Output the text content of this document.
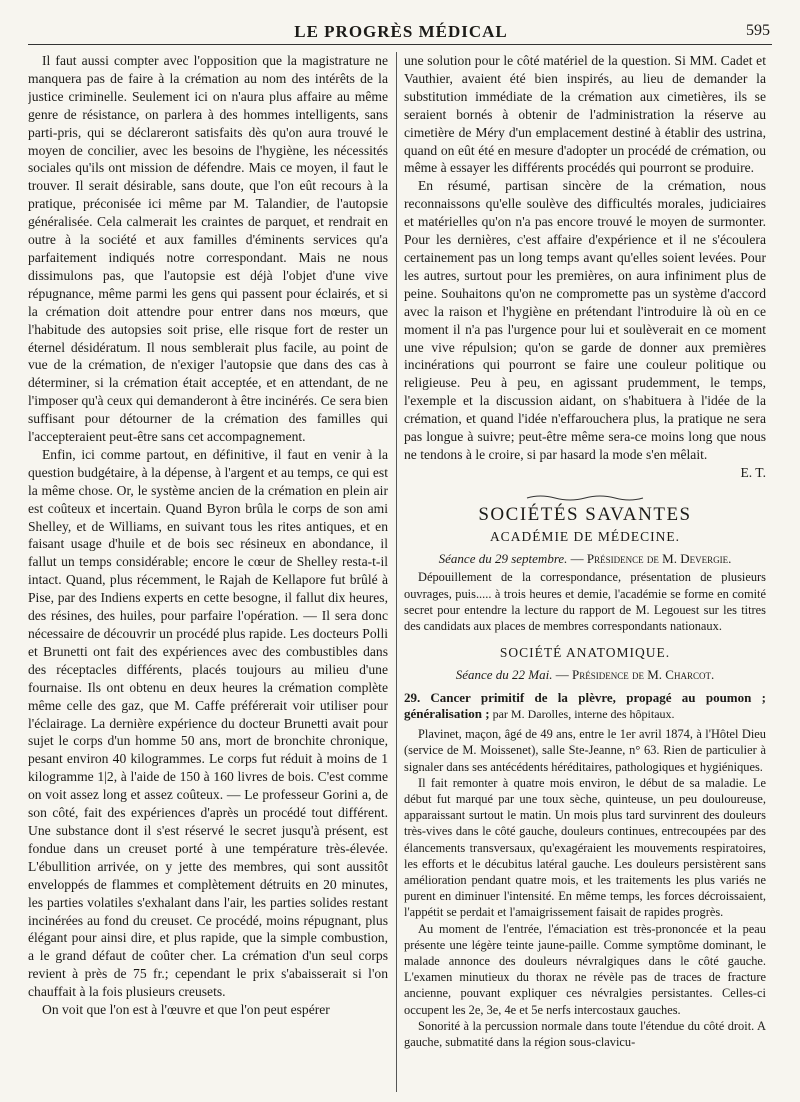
LE PROGRÈS MÉDICAL	595

Il faut aussi compter avec l'opposition que la magistrature ne manquera pas de faire à la crémation au nom des intérêts de la justice criminelle. Seulement ici on n'aura plus affaire au même genre de résistance, on parlera à des hommes intelligents, sans parti-pris, qui se déclareront satisfaits dès qu'on aura trouvé le moyen de concilier, avec les besoins de l'hygiène, les nécessités sociales qu'ils ont mission de défendre. Mais ce moyen, il faut le trouver. Il serait désirable, sans doute, que l'on eût recours à la pratique, préconisée ici même par M. Talandier, de l'autopsie généralisée. Cela calmerait les craintes de parquet, et rendrait en outre à la société et aux familles d'éminents services qu'a parfaitement indiqués notre correspondant. Mais ne nous dissimulons pas, que l'autopsie est déjà l'objet d'une vive répugnance, même parmi les gens qui passent pour éclairés, et si la crémation doit attendre pour entrer dans nos mœurs, que l'habitude des autopsies soit prise, elle risque fort de rester un éternel désidératum. Il nous semblerait plus facile, au point de vue de la crémation, de n'exiger l'autopsie que dans des cas à déterminer, si la crémation était acceptée, et en attendant, de ne l'imposer qu'à ceux qui demanderont à être incinérés. Ce sera bien suffisant pour détourner de la crémation des familles qui l'accepteraient peut-être sans cet accompagnement.

Enfin, ici comme partout, en définitive, il faut en venir à la question budgétaire, à la dépense, à l'argent et au temps, ce qui est la même chose. Or, le système ancien de la crémation en plein air est coûteux et incertain. Quand Byron brûla le corps de son ami Shelley, et de Williams, en suivant tous les rites antiques, et en faisant usage d'huile et de bois sec résineux en abondance, il fallut un temps considérable; encore le cœur de Shelley resta-t-il intact. Quand, plus récemment, le Rajah de Kellapore fut brûlé à Pise, par des Indiens experts en cette besogne, il fallut dix heures, des résines, des huiles, pour parfaire l'opération. — Il sera donc nécessaire de découvrir un procédé plus rapide. Les docteurs Polli et Brunetti ont fait des expériences avec des combustibles dans des réceptacles différents, placés toujours au milieu d'une fournaise. Ils ont obtenu en deux heures la crémation complète même celle des gaz, que M. Caffe préférerait voir utiliser pour l'éclairage. La dernière expérience du docteur Brunetti avait pour sujet le corps d'un homme 50 ans, mort de bronchite chronique, pesant environ 40 kilogrammes. Le corps fut réduit à moins de 1 kilogramme 1|2, à l'aide de 150 à 160 livres de bois. C'est comme on voit assez long et assez coûteux. — Le professeur Gorini a, de son côté, fait des expériences d'après un procédé tout différent. Une substance dont il s'est réservé le secret jusqu'à présent, est fondue dans un creuset porté à une température très-élevée. L'ébullition arrivée, on y jette des membres, qui sont aussitôt enveloppés de flammes et complètement détruits en 20 minutes, les parties volatiles s'exhalant dans l'air, les parties solides restant incinérées au fond du creuset. Ce procédé, moins répugnant, plus élégant pour ainsi dire, et plus rapide, que la simple combustion, a le grand défaut de coûter cher. La crémation d'un seul corps revient à près de 75 fr.; cependant le prix s'abaisserait si l'on chauffait à la fois plusieurs creusets.

On voit que l'on est à l'œuvre et que l'on peut espérer

une solution pour le côté matériel de la question. Si MM. Cadet et Vauthier, avaient été bien inspirés, au lieu de demander la substitution immédiate de la crémation aux cimetières, ils se seraient bornés à obtenir de l'administration la réserve au cimetière de Méry d'un emplacement destiné à établir des ustrina, quand on eût été en mesure d'adopter un procédé de crémation, ou même à essayer les différents procédés qui pourront se produire.

En résumé, partisan sincère de la crémation, nous reconnaissons qu'elle soulève des difficultés morales, judiciaires et matérielles qu'on n'a pas encore trouvé le moyen de surmonter. Pour les dernières, c'est affaire d'expérience et il ne s'écoulera certainement pas un long temps avant qu'elles soient levées. Pour les autres, surtout pour les premières, on aura infiniment plus de peine. Souhaitons qu'on ne compromette pas un système d'accord avec la raison et l'hygiène en prétendant l'introduire là où en ce moment il n'a pas l'urgence pour lui et soulèverait en ce moment une vive répulsion; qu'on se garde de donner aux premières incinérations qui pourront se faire une couleur politique ou religieuse. Peu à peu, en agissant prudemment, le temps, l'exemple et la discussion aidant, on s'habituera à l'idée de la crémation, et quand l'idée n'effarouchera plus, la pratique ne sera pas longue à suivre; peut-être même sera-ce moins long que nous ne tendons à le croire, si par hasard la mode s'en mêlait.

E. T.
SOCIÉTÉS SAVANTES
ACADÉMIE DE MÉDECINE.

Séance du 29 septembre. — Présidence de M. Devergie.

Dépouillement de la correspondance, présentation de plusieurs ouvrages, puis..... à trois heures et demie, l'académie se forme en comité secret pour entendre la lecture du rapport de M. Legouest sur les titres des candidats aux places de membres correspondants nationaux.

SOCIÉTÉ ANATOMIQUE.

Séance du 22 Mai. — Présidence de M. Charcot.

29. Cancer primitif de la plèvre, propagé au poumon ; généralisation ; par M. Darolles, interne des hôpitaux.

Plavinet, maçon, âgé de 49 ans, entre le 1er avril 1874, à l'Hôtel Dieu (service de M. Moissenet), salle Ste-Jeanne, n° 63. Rien de particulier à signaler dans ses antécédents héréditaires, pathologiques et hygiéniques.

Il fait remonter à quatre mois environ, le début de sa maladie. Le début fut marqué par une toux sèche, quinteuse, un peu douloureuse, apparaissant surtout le matin. Un mois plus tard survinrent des douleurs très-vives dans le côté gauche, douleurs continues, entrecoupées par des élancements transversaux, qu'exagéraient les mouvements respiratoires, les efforts et le décubitus latéral gauche. Les douleurs persistèrent sans amélioration pendant quatre mois, et les traitements les plus variés ne purent en diminuer l'intensité. En même temps, les forces décroissaient, l'appétit se perdait et l'amaigrissement faisait de rapides progrès.

Au moment de l'entrée, l'émaciation est très-prononcée et la peau présente une légère teinte jaune-paille. Comme symptôme dominant, le malade annonce des douleurs névralgiques dans le côté gauche. L'examen minutieux du thorax ne révèle pas de traces de fracture ancienne, pouvant expliquer ces névralgies persistantes. Celles-ci occupent les 2e, 3e, 4e et 5e nerfs intercostaux gauches.

Sonorité à la percussion normale dans toute l'étendue du côté droit. A gauche, submatité dans la région sous-clavicu-
